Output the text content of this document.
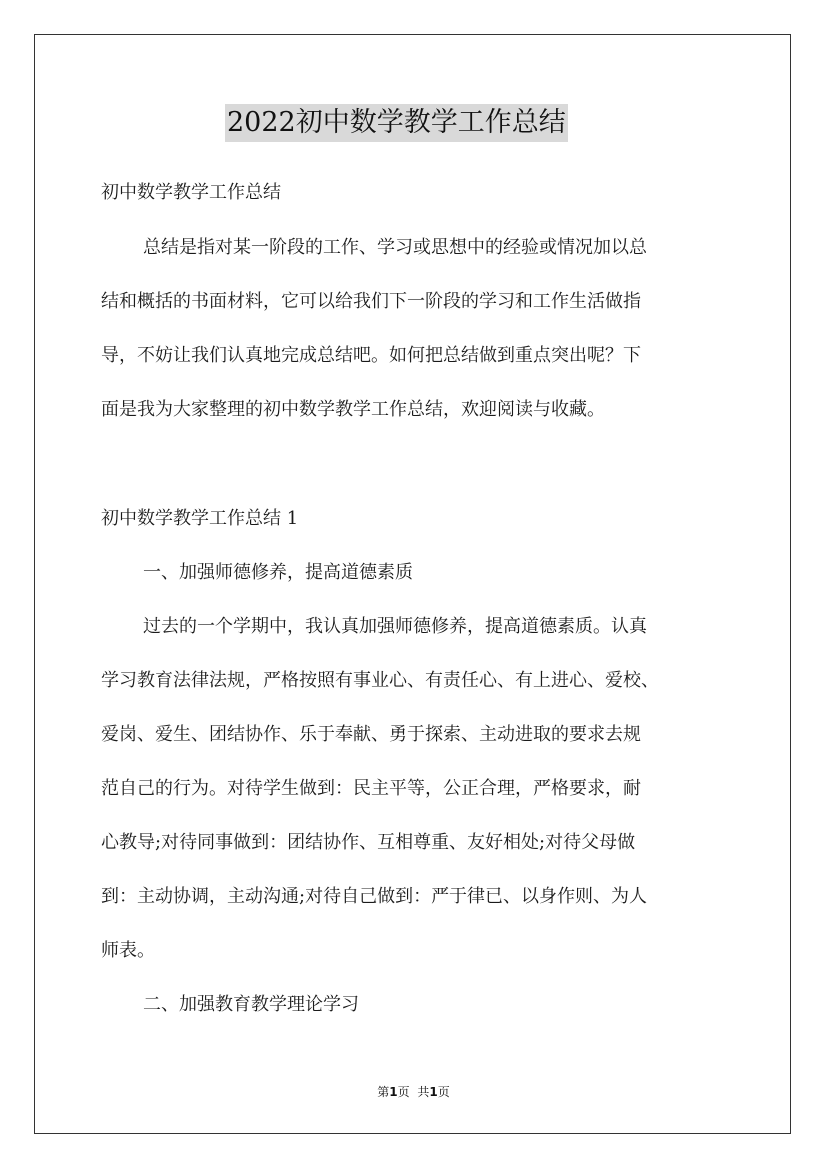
2022初中数学教学工作总结
初中数学教学工作总结
总结是指对某一阶段的工作、学习或思想中的经验或情况加以总
结和概括的书面材料，它可以给我们下一阶段的学习和工作生活做指
导，不妨让我们认真地完成总结吧。如何把总结做到重点突出呢？下
面是我为大家整理的初中数学教学工作总结，欢迎阅读与收藏。
初中数学教学工作总结 1
一、加强师德修养，提高道德素质
过去的一个学期中，我认真加强师德修养，提高道德素质。认真
学习教育法律法规，严格按照有事业心、有责任心、有上进心、爱校、
爱岗、爱生、团结协作、乐于奉献、勇于探索、主动进取的要求去规
范自己的行为。对待学生做到：民主平等，公正合理，严格要求，耐
心教导;对待同事做到：团结协作、互相尊重、友好相处;对待父母做
到：主动协调，主动沟通;对待自己做到：严于律已、以身作则、为人
师表。
二、加强教育教学理论学习
第1页 共1页
